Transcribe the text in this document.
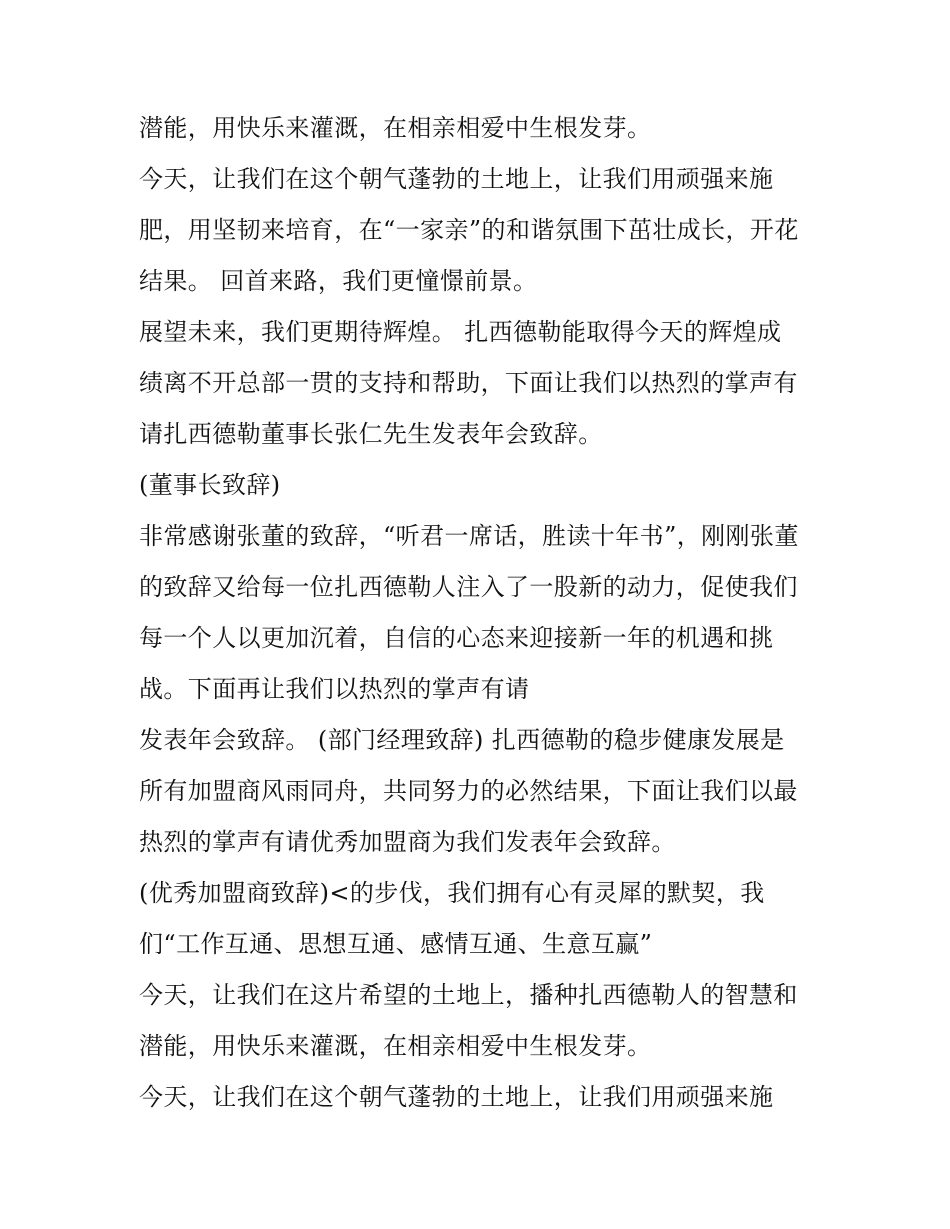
潜能，用快乐来灌溉，在相亲相爱中生根发芽。

今天，让我们在这个朝气蓬勃的土地上，让我们用顽强来施

肥，用坚韧来培育，在“一家亲”的和谐氛围下茁壮成长，开花

结果。 回首来路，我们更憧憬前景。

展望未来，我们更期待辉煌。 扎西德勒能取得今天的辉煌成

绩离不开总部一贯的支持和帮助，下面让我们以热烈的掌声有

请扎西德勒董事长张仁先生发表年会致辞。

(董事长致辞)

非常感谢张董的致辞，“听君一席话，胜读十年书”，刚刚张董

的致辞又给每一位扎西德勒人注入了一股新的动力，促使我们

每一个人以更加沉着，自信的心态来迎接新一年的机遇和挑

战。下面再让我们以热烈的掌声有请

发表年会致辞。 (部门经理致辞) 扎西德勒的稳步健康发展是

所有加盟商风雨同舟，共同努力的必然结果，下面让我们以最

热烈的掌声有请优秀加盟商为我们发表年会致辞。

(优秀加盟商致辞)<的步伐，我们拥有心有灵犀的默契，我

们“工作互通、思想互通、感情互通、生意互赢”

今天，让我们在这片希望的土地上，播种扎西德勒人的智慧和

潜能，用快乐来灌溉，在相亲相爱中生根发芽。

今天，让我们在这个朝气蓬勃的土地上，让我们用顽强来施
